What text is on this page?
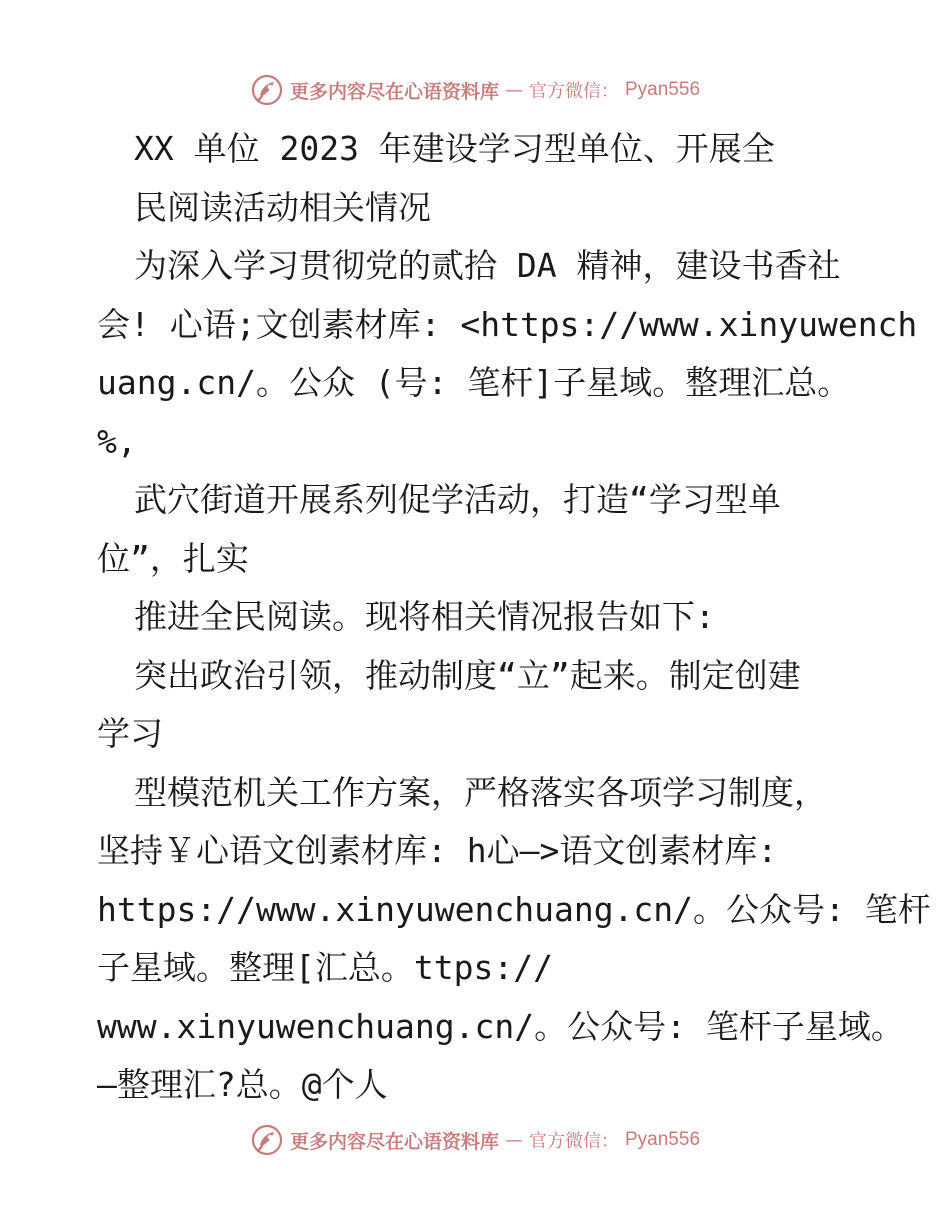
更多内容尽在心语资料库 — 官方微信： Pyan556
XX 单位 2023 年建设学习型单位、开展全
民阅读活动相关情况
为深入学习贯彻党的贰拾 DA 精神，建设书香社
会! 心语;文创素材库: <https://www.xinyuwench
uang.cn/。公众 (号: 笔杆]子星域。整理汇总。
%,
武穴街道开展系列促学活动，打造“学习型单
位”，扎实
推进全民阅读。现将相关情况报告如下:
突出政治引领，推动制度“立”起来。制定创建
学习
型模范机关工作方案，严格落实各项学习制度，
坚持￥心语文创素材库: h心—>语文创素材库:
https://www.xinyuwenchuang.cn/。公众号: 笔杆
子星域。整理[汇总。ttps://
www.xinyuwenchuang.cn/。公众号: 笔杆子星域。
—整理汇?总。@个人
更多内容尽在心语资料库 — 官方微信： Pyan556
